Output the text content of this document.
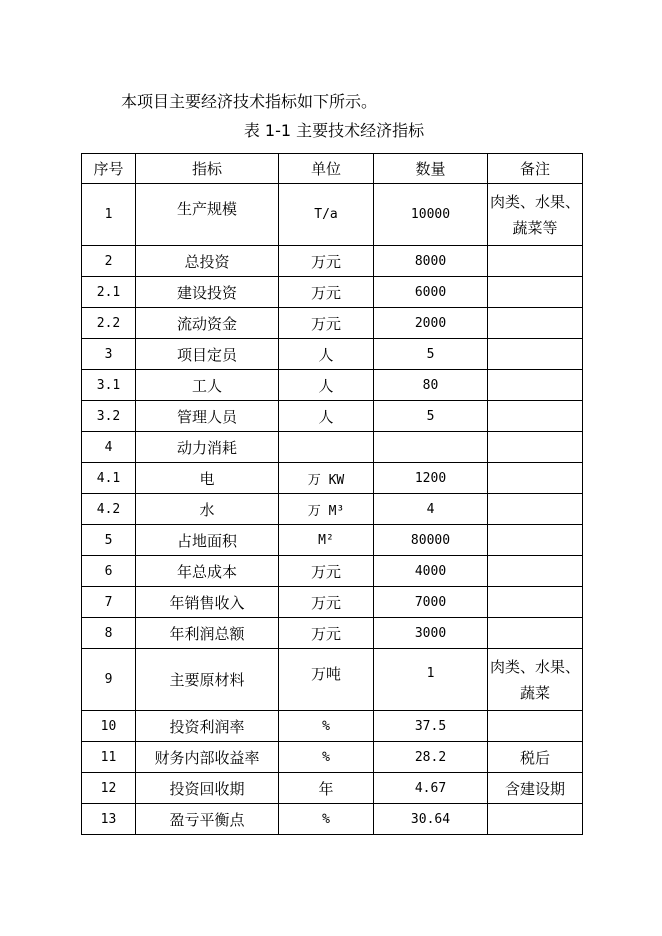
本项目主要经济技术指标如下所示。
表 1-1 主要技术经济指标
序号	指标	单位	数量	备注
1	生产规模	T/a	10000	肉类、水果、蔬菜等
2	总投资	万元	8000	
2.1	建设投资	万元	6000	
2.2	流动资金	万元	2000	
3	项目定员	人	5	
3.1	工人	人	80	
3.2	管理人员	人	5	
4	动力消耗			
4.1	电	万 KW	1200	
4.2	水	万 M³	4	
5	占地面积	M²	80000	
6	年总成本	万元	4000	
7	年销售收入	万元	7000	
8	年利润总额	万元	3000	
9	主要原材料	万吨	1	肉类、水果、蔬菜
10	投资利润率	%	37.5	
11	财务内部收益率	%	28.2	税后
12	投资回收期	年	4.67	含建设期
13	盈亏平衡点	%	30.64	
